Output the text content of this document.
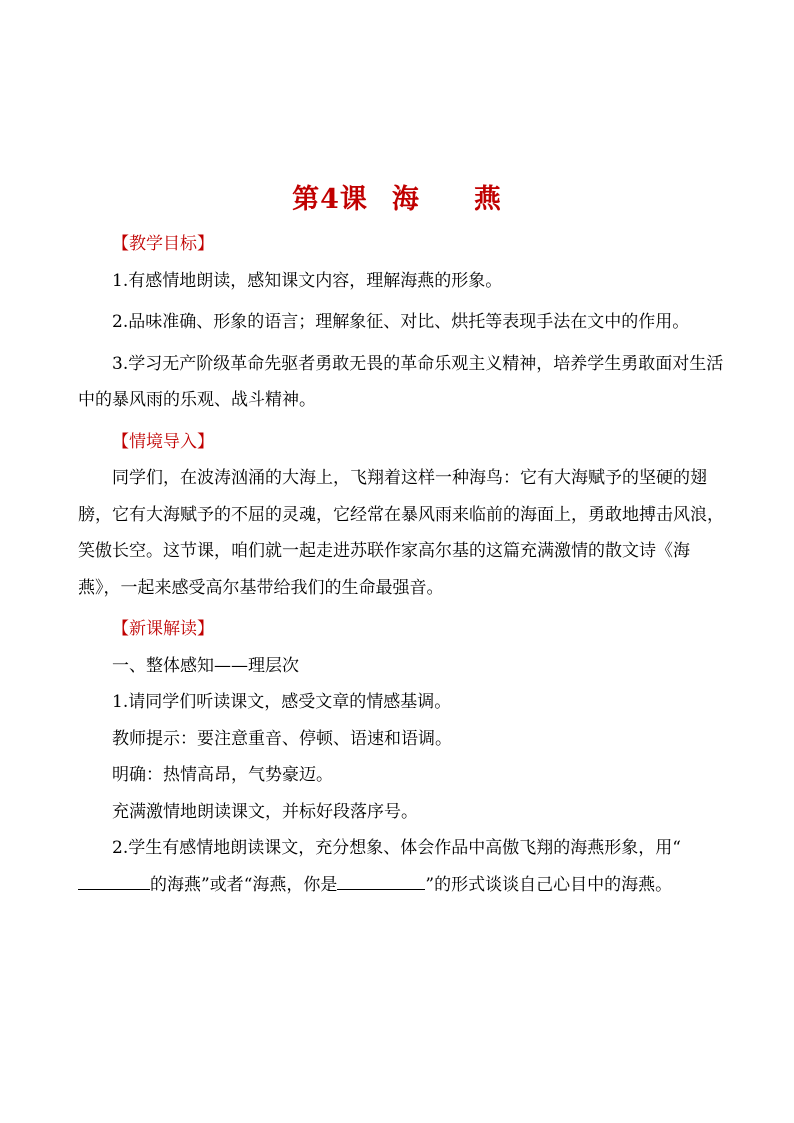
第4课 海 燕

【教学目标】

1.有感情地朗读，感知课文内容，理解海燕的形象。

2.品味准确、形象的语言；理解象征、对比、烘托等表现手法在文中的作用。

3.学习无产阶级革命先驱者勇敢无畏的革命乐观主义精神，培养学生勇敢面对生活中的暴风雨的乐观、战斗精神。

【情境导入】

同学们，在波涛汹涌的大海上，飞翔着这样一种海鸟：它有大海赋予的坚硬的翅膀，它有大海赋予的不屈的灵魂，它经常在暴风雨来临前的海面上，勇敢地搏击风浪，笑傲长空。这节课，咱们就一起走进苏联作家高尔基的这篇充满激情的散文诗《海燕》，一起来感受高尔基带给我们的生命最强音。

【新课解读】

一、整体感知——理层次

1.请同学们听读课文，感受文章的情感基调。

教师提示：要注意重音、停顿、语速和语调。

明确：热情高昂，气势豪迈。

充满激情地朗读课文，并标好段落序号。

2.学生有感情地朗读课文，充分想象、体会作品中高傲飞翔的海燕形象，用“的海燕”或者“海燕，你是	”的形式谈谈自己心目中的海燕。
